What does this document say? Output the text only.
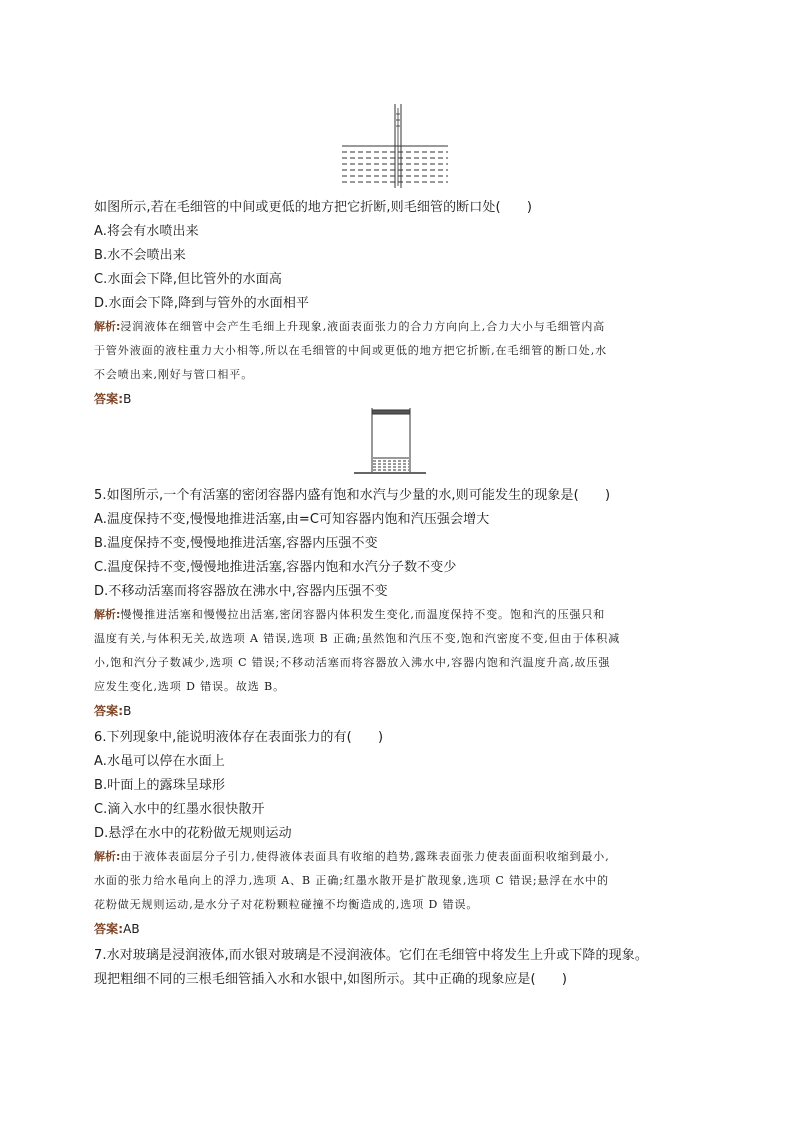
如图所示,若在毛细管的中间或更低的地方把它折断,则毛细管的断口处(　　)
A.将会有水喷出来
B.水不会喷出来
C.水面会下降,但比管外的水面高
D.水面会下降,降到与管外的水面相平
解析:浸润液体在细管中会产生毛细上升现象,液面表面张力的合力方向向上,合力大小与毛细管内高
于管外液面的液柱重力大小相等,所以在毛细管的中间或更低的地方把它折断,在毛细管的断口处,水
不会喷出来,刚好与管口相平。
答案:B
5.如图所示,一个有活塞的密闭容器内盛有饱和水汽与少量的水,则可能发生的现象是(　　)
A.温度保持不变,慢慢地推进活塞,由=C可知容器内饱和汽压强会增大
B.温度保持不变,慢慢地推进活塞,容器内压强不变
C.温度保持不变,慢慢地推进活塞,容器内饱和水汽分子数不变少
D.不移动活塞而将容器放在沸水中,容器内压强不变
解析:慢慢推进活塞和慢慢拉出活塞,密闭容器内体积发生变化,而温度保持不变。饱和汽的压强只和
温度有关,与体积无关,故选项 A 错误,选项 B 正确;虽然饱和汽压不变,饱和汽密度不变,但由于体积减
小,饱和汽分子数减少,选项 C 错误;不移动活塞而将容器放入沸水中,容器内饱和汽温度升高,故压强
应发生变化,选项 D 错误。故选 B。
答案:B
6.下列现象中,能说明液体存在表面张力的有(　　)
A.水黾可以停在水面上
B.叶面上的露珠呈球形
C.滴入水中的红墨水很快散开
D.悬浮在水中的花粉做无规则运动
解析:由于液体表面层分子引力,使得液体表面具有收缩的趋势,露珠表面张力使表面面积收缩到最小,
水面的张力给水黾向上的浮力,选项 A、B 正确;红墨水散开是扩散现象,选项 C 错误;悬浮在水中的
花粉做无规则运动,是水分子对花粉颗粒碰撞不均衡造成的,选项 D 错误。
答案:AB
7.水对玻璃是浸润液体,而水银对玻璃是不浸润液体。它们在毛细管中将发生上升或下降的现象。
现把粗细不同的三根毛细管插入水和水银中,如图所示。其中正确的现象应是(　　)
